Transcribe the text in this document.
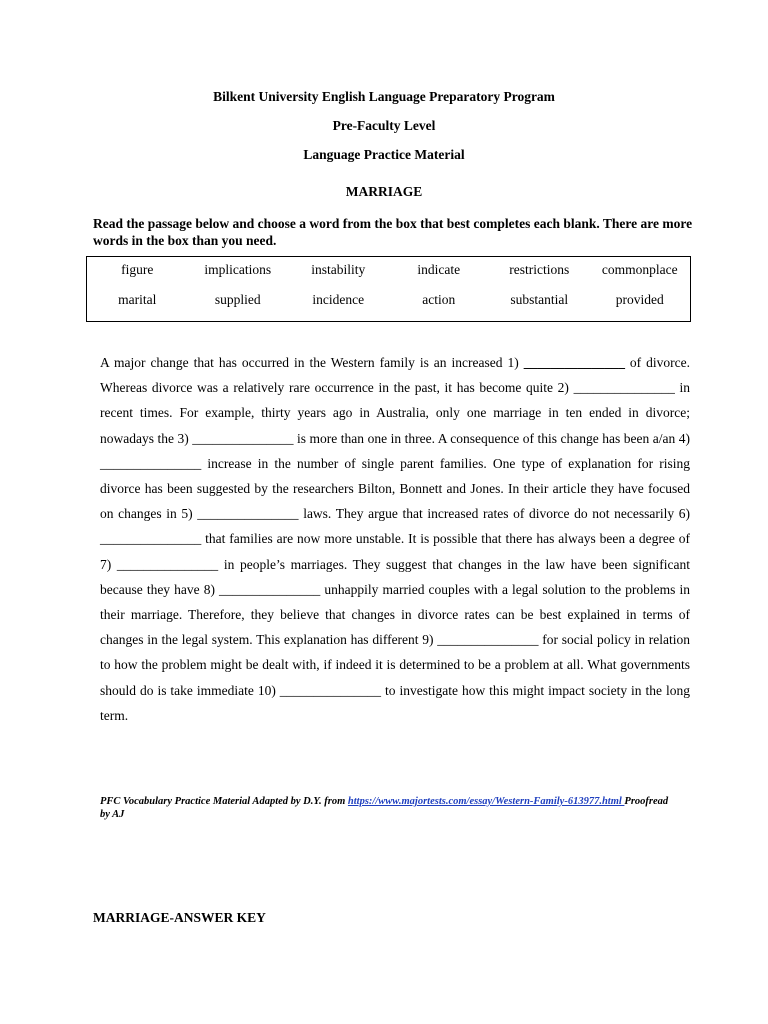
Bilkent University English Language Preparatory Program
Pre-Faculty Level
Language Practice Material
MARRIAGE
Read the passage below and choose a word from the box that best completes each blank. There are more words in the box than you need.
figure	implications	instability	indicate	restrictions	commonplace
marital	supplied	incidence	action	substantial	provided
A major change that has occurred in the Western family is an increased 1) _______________ of divorce. Whereas divorce was a relatively rare occurrence in the past, it has become quite 2) _______________ in recent times. For example, thirty years ago in Australia, only one marriage in ten ended in divorce; nowadays the 3) _______________ is more than one in three. A consequence of this change has been a/an 4) _______________ increase in the number of single parent families. One type of explanation for rising divorce has been suggested by the researchers Bilton, Bonnett and Jones. In their article they have focused on changes in 5) _______________ laws. They argue that increased rates of divorce do not necessarily 6) _______________ that families are now more unstable. It is possible that there has always been a degree of 7) _______________ in people’s marriages. They suggest that changes in the law have been significant because they have 8) _______________ unhappily married couples with a legal solution to the problems in their marriage. Therefore, they believe that changes in divorce rates can be best explained in terms of changes in the legal system. This explanation has different 9) _______________ for social policy in relation to how the problem might be dealt with, if indeed it is determined to be a problem at all. What governments should do is take immediate 10) _______________ to investigate how this might impact society in the long term.
PFC Vocabulary Practice Material Adapted by D.Y. from https://www.majortests.com/essay/Western-Family-613977.html Proofread by AJ
MARRIAGE-ANSWER KEY
